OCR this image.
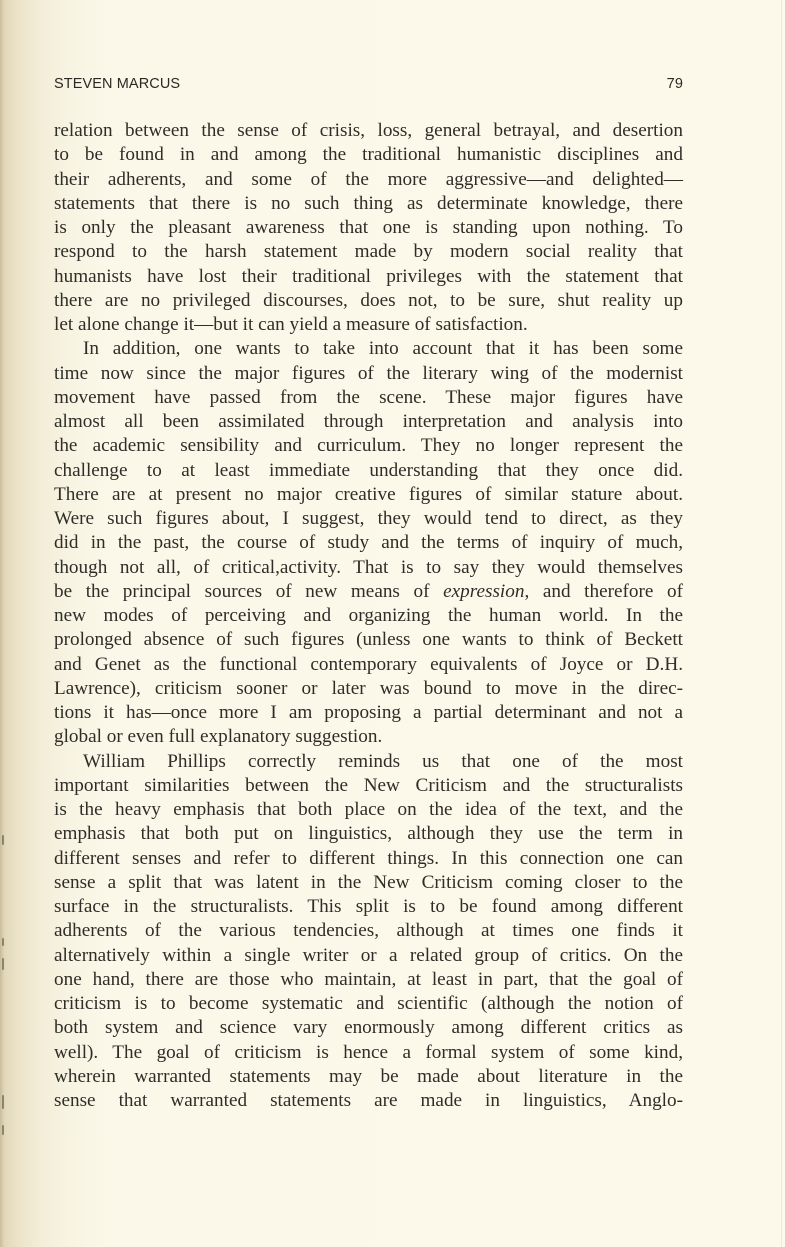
STEVEN MARCUS	79
relation between the sense of crisis, loss, general betrayal, and desertion
to be found in and among the traditional humanistic disciplines and
their adherents, and some of the more aggressive—and delighted—
statements that there is no such thing as determinate knowledge, there
is only the pleasant awareness that one is standing upon nothing. To
respond to the harsh statement made by modern social reality that
humanists have lost their traditional privileges with the statement that
there are no privileged discourses, does not, to be sure, shut reality up
let alone change it—but it can yield a measure of satisfaction.
In addition, one wants to take into account that it has been some
time now since the major figures of the literary wing of the modernist
movement have passed from the scene. These major figures have
almost all been assimilated through interpretation and analysis into
the academic sensibility and curriculum. They no longer represent the
challenge to at least immediate understanding that they once did.
There are at present no major creative figures of similar stature about.
Were such figures about, I suggest, they would tend to direct, as they
did in the past, the course of study and the terms of inquiry of much,
though not all, of critical,activity. That is to say they would themselves
be the principal sources of new means of expression, and therefore of
new modes of perceiving and organizing the human world. In the
prolonged absence of such figures (unless one wants to think of Beckett
and Genet as the functional contemporary equivalents of Joyce or D.H.
Lawrence), criticism sooner or later was bound to move in the direc-
tions it has—once more I am proposing a partial determinant and not a
global or even full explanatory suggestion.
William Phillips correctly reminds us that one of the most
important similarities between the New Criticism and the structuralists
is the heavy emphasis that both place on the idea of the text, and the
emphasis that both put on linguistics, although they use the term in
different senses and refer to different things. In this connection one can
sense a split that was latent in the New Criticism coming closer to the
surface in the structuralists. This split is to be found among different
adherents of the various tendencies, although at times one finds it
alternatively within a single writer or a related group of critics. On the
one hand, there are those who maintain, at least in part, that the goal of
criticism is to become systematic and scientific (although the notion of
both system and science vary enormously among different critics as
well). The goal of criticism is hence a formal system of some kind,
wherein warranted statements may be made about literature in the
sense that warranted statements are made in linguistics, Anglo-
